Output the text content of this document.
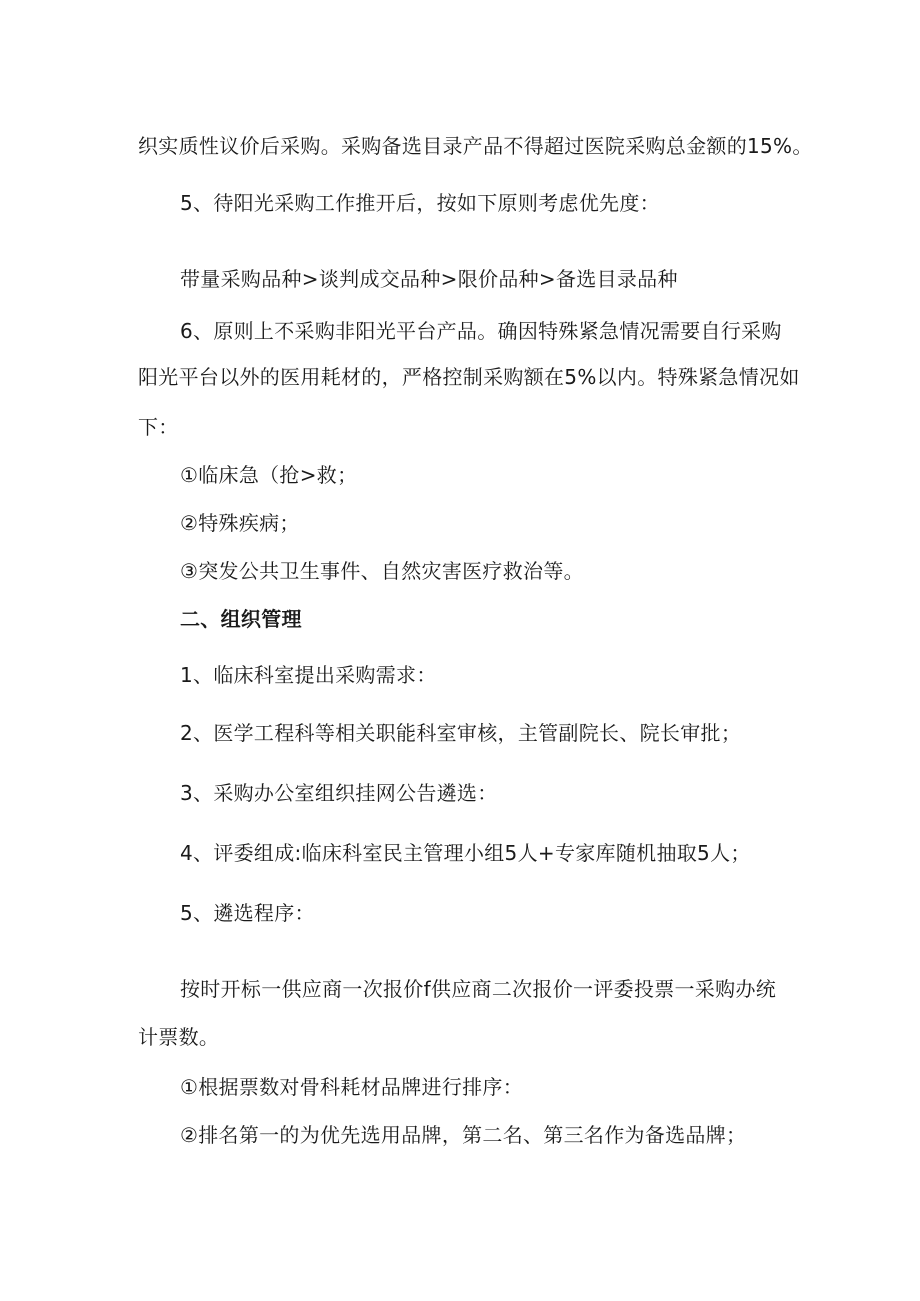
织实质性议价后采购。采购备选目录产品不得超过医院采购总金额的15%。
5、待阳光采购工作推开后，按如下原则考虑优先度：
带量采购品种>谈判成交品种>限价品种>备选目录品种
6、原则上不采购非阳光平台产品。确因特殊紧急情况需要自行采购
阳光平台以外的医用耗材的，严格控制采购额在5%以内。特殊紧急情况如
下：
①临床急（抢>救；
②特殊疾病；
③突发公共卫生事件、自然灾害医疗救治等。
二、组织管理
1、临床科室提出采购需求：
2、医学工程科等相关职能科室审核，主管副院长、院长审批；
3、采购办公室组织挂网公告遴选：
4、评委组成:临床科室民主管理小组5人+专家库随机抽取5人；
5、遴选程序：
按时开标一供应商一次报价f供应商二次报价一评委投票一采购办统
计票数。
①根据票数对骨科耗材品牌进行排序：
②排名第一的为优先选用品牌，第二名、第三名作为备选品牌；
